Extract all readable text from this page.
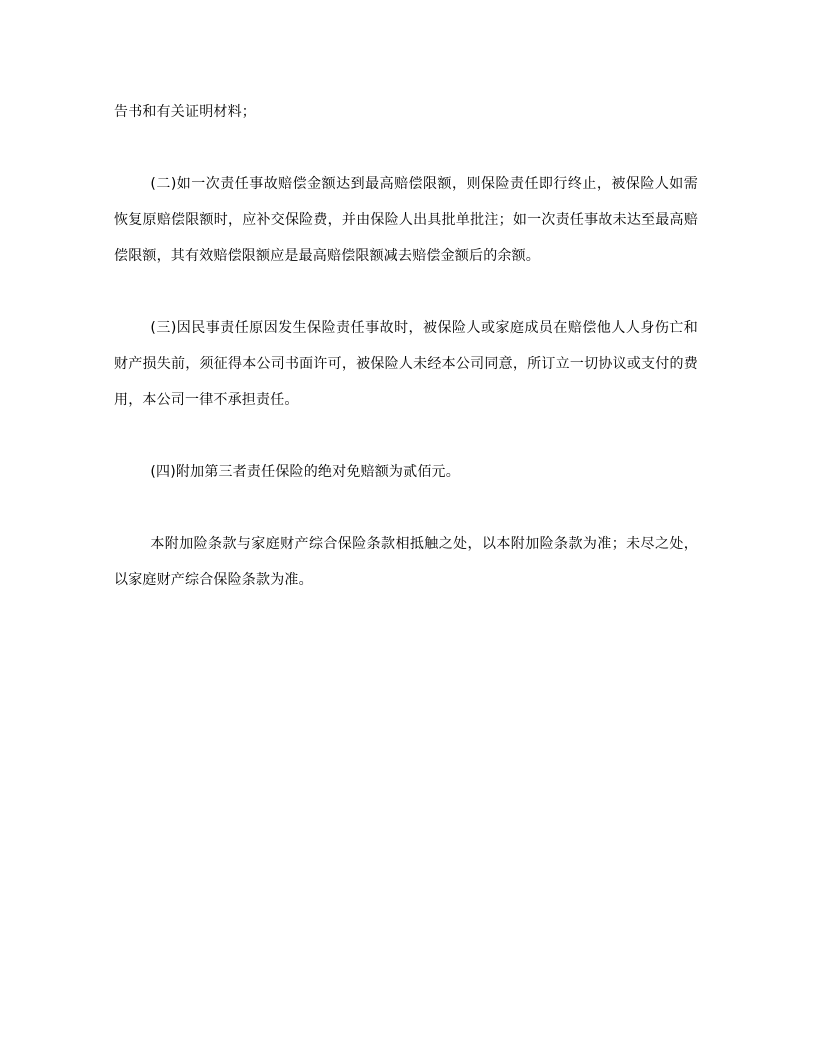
告书和有关证明材料；

(二)如一次责任事故赔偿金额达到最高赔偿限额，则保险责任即行终止，被保险人如需恢复原赔偿限额时，应补交保险费，并由保险人出具批单批注；如一次责任事故未达至最高赔偿限额，其有效赔偿限额应是最高赔偿限额减去赔偿金额后的余额。

(三)因民事责任原因发生保险责任事故时，被保险人或家庭成员在赔偿他人人身伤亡和财产损失前，须征得本公司书面许可，被保险人未经本公司同意，所订立一切协议或支付的费用，本公司一律不承担责任。

(四)附加第三者责任保险的绝对免赔额为贰佰元。

本附加险条款与家庭财产综合保险条款相抵触之处，以本附加险条款为准；未尽之处，以家庭财产综合保险条款为准。
